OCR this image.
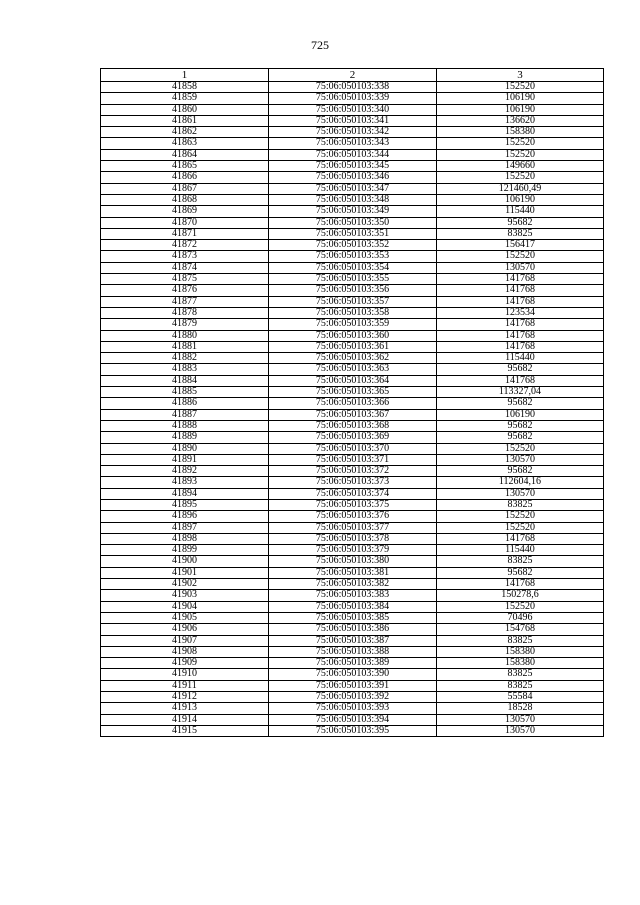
725
1	2	3
41858	75:06:050103:338	152520
41859	75:06:050103:339	106190
41860	75:06:050103:340	106190
41861	75:06:050103:341	136620
41862	75:06:050103:342	158380
41863	75:06:050103:343	152520
41864	75:06:050103:344	152520
41865	75:06:050103:345	149660
41866	75:06:050103:346	152520
41867	75:06:050103:347	121460,49
41868	75:06:050103:348	106190
41869	75:06:050103:349	115440
41870	75:06:050103:350	95682
41871	75:06:050103:351	83825
41872	75:06:050103:352	156417
41873	75:06:050103:353	152520
41874	75:06:050103:354	130570
41875	75:06:050103:355	141768
41876	75:06:050103:356	141768
41877	75:06:050103:357	141768
41878	75:06:050103:358	123534
41879	75:06:050103:359	141768
41880	75:06:050103:360	141768
41881	75:06:050103:361	141768
41882	75:06:050103:362	115440
41883	75:06:050103:363	95682
41884	75:06:050103:364	141768
41885	75:06:050103:365	113327,04
41886	75:06:050103:366	95682
41887	75:06:050103:367	106190
41888	75:06:050103:368	95682
41889	75:06:050103:369	95682
41890	75:06:050103:370	152520
41891	75:06:050103:371	130570
41892	75:06:050103:372	95682
41893	75:06:050103:373	112604,16
41894	75:06:050103:374	130570
41895	75:06:050103:375	83825
41896	75:06:050103:376	152520
41897	75:06:050103:377	152520
41898	75:06:050103:378	141768
41899	75:06:050103:379	115440
41900	75:06:050103:380	83825
41901	75:06:050103:381	95682
41902	75:06:050103:382	141768
41903	75:06:050103:383	150278,6
41904	75:06:050103:384	152520
41905	75:06:050103:385	70496
41906	75:06:050103:386	154768
41907	75:06:050103:387	83825
41908	75:06:050103:388	158380
41909	75:06:050103:389	158380
41910	75:06:050103:390	83825
41911	75:06:050103:391	83825
41912	75:06:050103:392	55584
41913	75:06:050103:393	18528
41914	75:06:050103:394	130570
41915	75:06:050103:395	130570
